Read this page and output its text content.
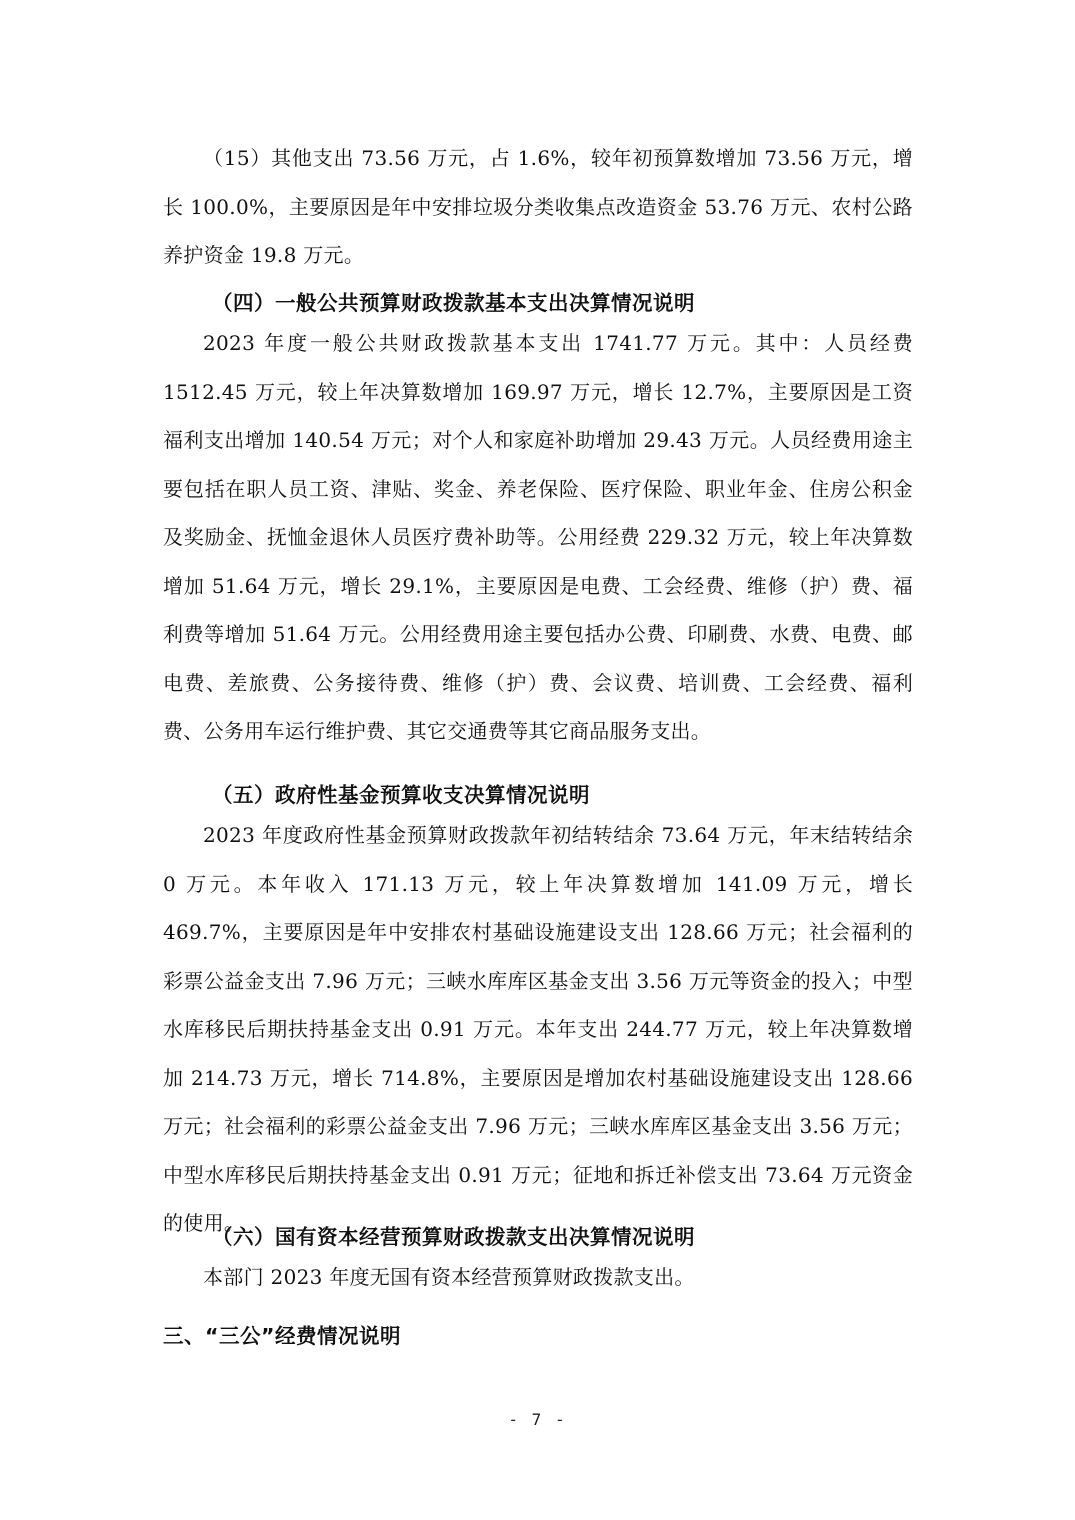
（15）其他支出 73.56 万元，占 1.6%，较年初预算数增加 73.56 万元，增长 100.0%，主要原因是年中安排垃圾分类收集点改造资金 53.76 万元、农村公路养护资金 19.8 万元。

（四）一般公共预算财政拨款基本支出决算情况说明

2023 年度一般公共财政拨款基本支出 1741.77 万元。其中：人员经费 1512.45 万元，较上年决算数增加 169.97 万元，增长 12.7%，主要原因是工资福利支出增加 140.54 万元；对个人和家庭补助增加 29.43 万元。人员经费用途主要包括在职人员工资、津贴、奖金、养老保险、医疗保险、职业年金、住房公积金及奖励金、抚恤金退休人员医疗费补助等。公用经费 229.32 万元，较上年决算数增加 51.64 万元，增长 29.1%，主要原因是电费、工会经费、维修（护）费、福利费等增加 51.64 万元。公用经费用途主要包括办公费、印刷费、水费、电费、邮电费、差旅费、公务接待费、维修（护）费、会议费、培训费、工会经费、福利费、公务用车运行维护费、其它交通费等其它商品服务支出。

（五）政府性基金预算收支决算情况说明

2023 年度政府性基金预算财政拨款年初结转结余 73.64 万元，年末结转结余 0 万元。本年收入 171.13 万元，较上年决算数增加 141.09 万元，增长 469.7%，主要原因是年中安排农村基础设施建设支出 128.66 万元；社会福利的彩票公益金支出 7.96 万元；三峡水库库区基金支出 3.56 万元等资金的投入；中型水库移民后期扶持基金支出 0.91 万元。本年支出 244.77 万元，较上年决算数增加 214.73 万元，增长 714.8%，主要原因是增加农村基础设施建设支出 128.66 万元；社会福利的彩票公益金支出 7.96 万元；三峡水库库区基金支出 3.56 万元；中型水库移民后期扶持基金支出 0.91 万元；征地和拆迁补偿支出 73.64 万元资金的使用。

（六）国有资本经营预算财政拨款支出决算情况说明

本部门 2023 年度无国有资本经营预算财政拨款支出。

三、“三公”经费情况说明
- 7 -
